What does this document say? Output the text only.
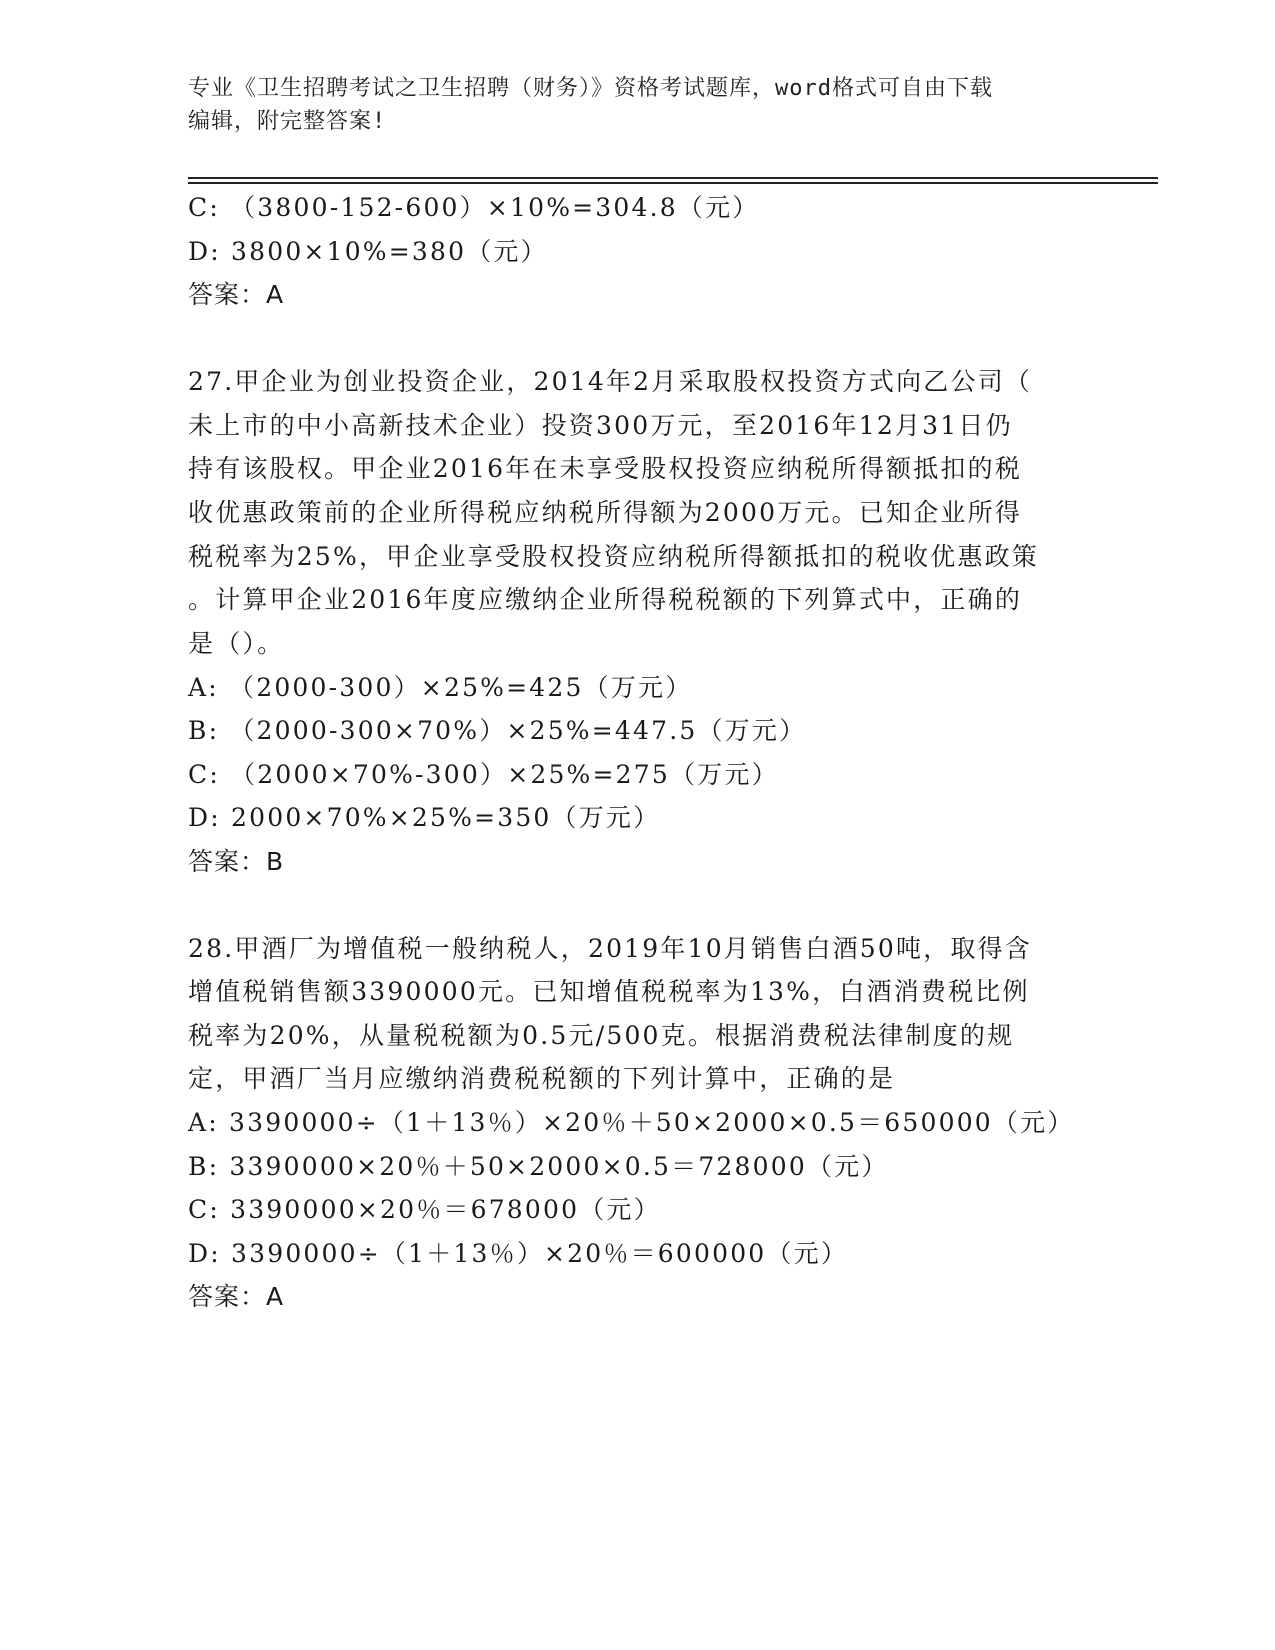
专业《卫生招聘考试之卫生招聘（财务）》资格考试题库，word格式可自由下载
编辑，附完整答案!
C: （3800-152-600）×10%=304.8（元）
D: 3800×10%=380（元）
答案：A
27.甲企业为创业投资企业，2014年2月采取股权投资方式向乙公司（
未上市的中小高新技术企业）投资300万元，至2016年12月31日仍
持有该股权。甲企业2016年在未享受股权投资应纳税所得额抵扣的税
收优惠政策前的企业所得税应纳税所得额为2000万元。已知企业所得
税税率为25%，甲企业享受股权投资应纳税所得额抵扣的税收优惠政策
。计算甲企业2016年度应缴纳企业所得税税额的下列算式中，正确的
是（）。
A: （2000-300）×25%=425（万元）
B: （2000-300×70%）×25%=447.5（万元）
C: （2000×70%-300）×25%=275（万元）
D: 2000×70%×25%=350（万元）
答案：B
28.甲酒厂为增值税一般纳税人，2019年10月销售白酒50吨，取得含
增值税销售额3390000元。已知增值税税率为13%，白酒消费税比例
税率为20%，从量税税额为0.5元/500克。根据消费税法律制度的规
定，甲酒厂当月应缴纳消费税税额的下列计算中，正确的是
A: 3390000÷（1＋13％）×20％＋50×2000×0.5＝650000（元）
B: 3390000×20％＋50×2000×0.5＝728000（元）
C: 3390000×20％＝678000（元）
D: 3390000÷（1＋13％）×20％＝600000（元）
答案：A
